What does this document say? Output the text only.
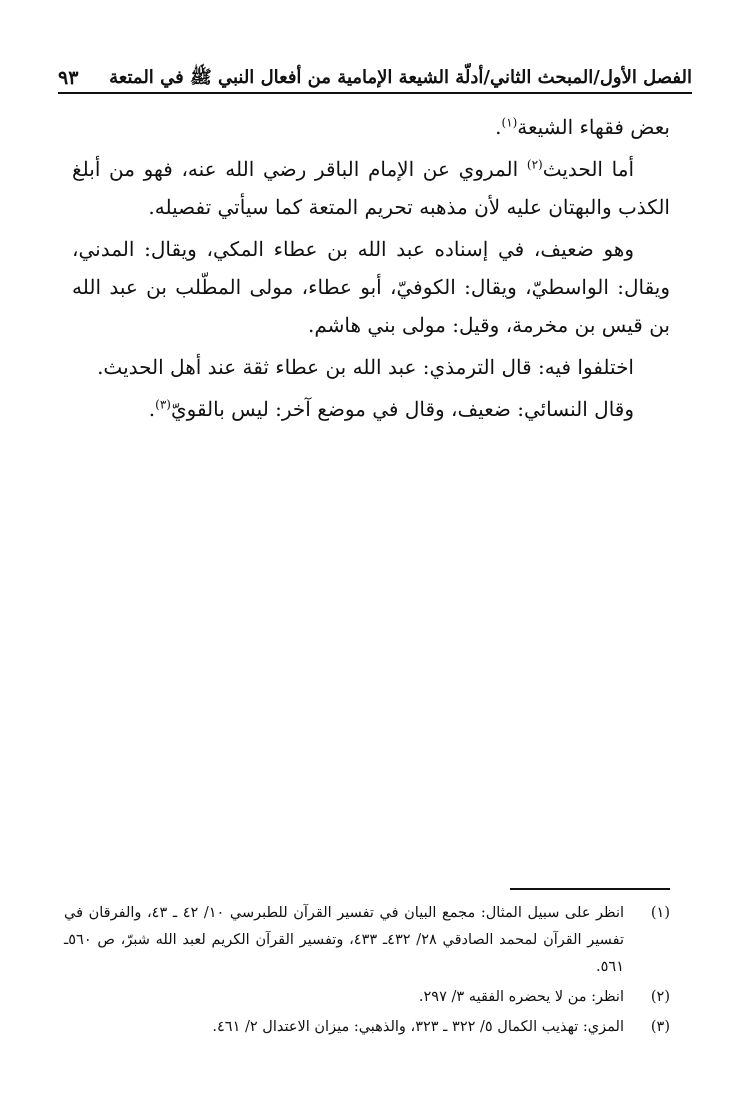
الفصل الأول/المبحث الثاني/أدلّة الشيعة الإمامية من أفعال النبي ﷺ في المتعة
٩٣

بعض فقهاء الشيعة$^{(١)}$.

أما الحديث$^{(٢)}$ المروي عن الإمام الباقر رضي الله عنه، فهو من أبلغ الكذب والبهتان عليه لأن مذهبه تحريم المتعة كما سيأتي تفصيله.

وهو ضعيف، في إسناده عبد الله بن عطاء المكي، ويقال: المدني، ويقال: الواسطيّ، ويقال: الكوفيّ، أبو عطاء، مولى المطّلب بن عبد الله بن قيس بن مخرمة، وقيل: مولى بني هاشم.

اختلفوا فيه: قال الترمذي: عبد الله بن عطاء ثقة عند أهل الحديث.

وقال النسائي: ضعيف، وقال في موضع آخر: ليس بالقويّ$^{(٣)}$.

(١)
انظر على سبيل المثال: مجمع البيان في تفسير القرآن للطبرسي ١٠/ ٤٢ ـ ٤٣، والفرقان في تفسير القرآن لمحمد الصادقي ٢٨/ ٤٣٢ـ ٤٣٣، وتفسير القرآن الكريم لعبد الله شبرّ، ص ٥٦٠ـ ٥٦١.
(٢)
انظر: من لا يحضره الفقيه ٣/ ٢٩٧.
(٣)
المزي: تهذيب الكمال ٥/ ٣٢٢ ـ ٣٢٣، والذهبي: ميزان الاعتدال ٢/ ٤٦١.
